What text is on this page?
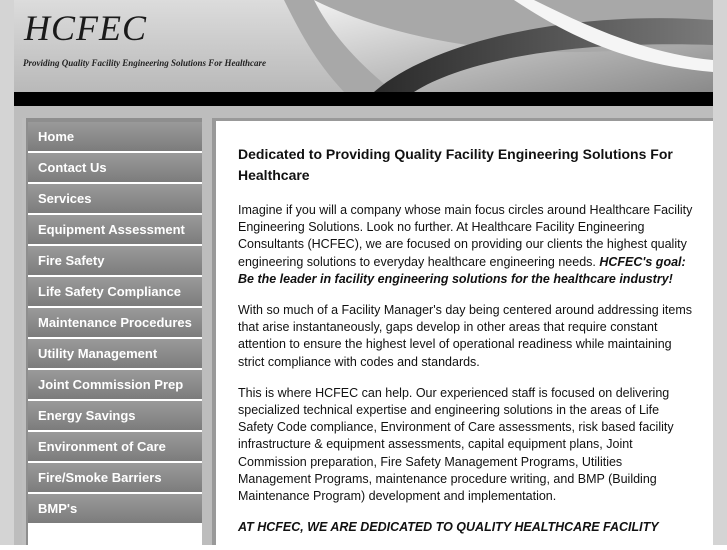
HCFEC
Providing Quality Facility Engineering Solutions For Healthcare
Home
Contact Us
Services
Equipment Assessment
Fire Safety
Life Safety Compliance
Maintenance Procedures
Utility Management
Joint Commission Prep
Energy Savings
Environment of Care
Fire/Smoke Barriers
BMP's
Dedicated to Providing Quality Facility Engineering Solutions For Healthcare

Imagine if you will a company whose main focus circles around Healthcare Facility Engineering Solutions. Look no further. At Healthcare Facility Engineering Consultants (HCFEC), we are focused on providing our clients the highest quality engineering solutions to everyday healthcare engineering needs. HCFEC's goal: Be the leader in facility engineering solutions for the healthcare industry!

With so much of a Facility Manager's day being centered around addressing items that arise instantaneously, gaps develop in other areas that require constant attention to ensure the highest level of operational readiness while maintaining strict compliance with codes and standards.

This is where HCFEC can help. Our experienced staff is focused on delivering specialized technical expertise and engineering solutions in the areas of Life Safety Code compliance, Environment of Care assessments, risk based facility infrastructure & equipment assessments, capital equipment plans, Joint Commission preparation, Fire Safety Management Programs, Utilities Management Programs, maintenance procedure writing, and BMP (Building Maintenance Program) development and implementation.

AT HCFEC, WE ARE DEDICATED TO QUALITY HEALTHCARE FACILITY
